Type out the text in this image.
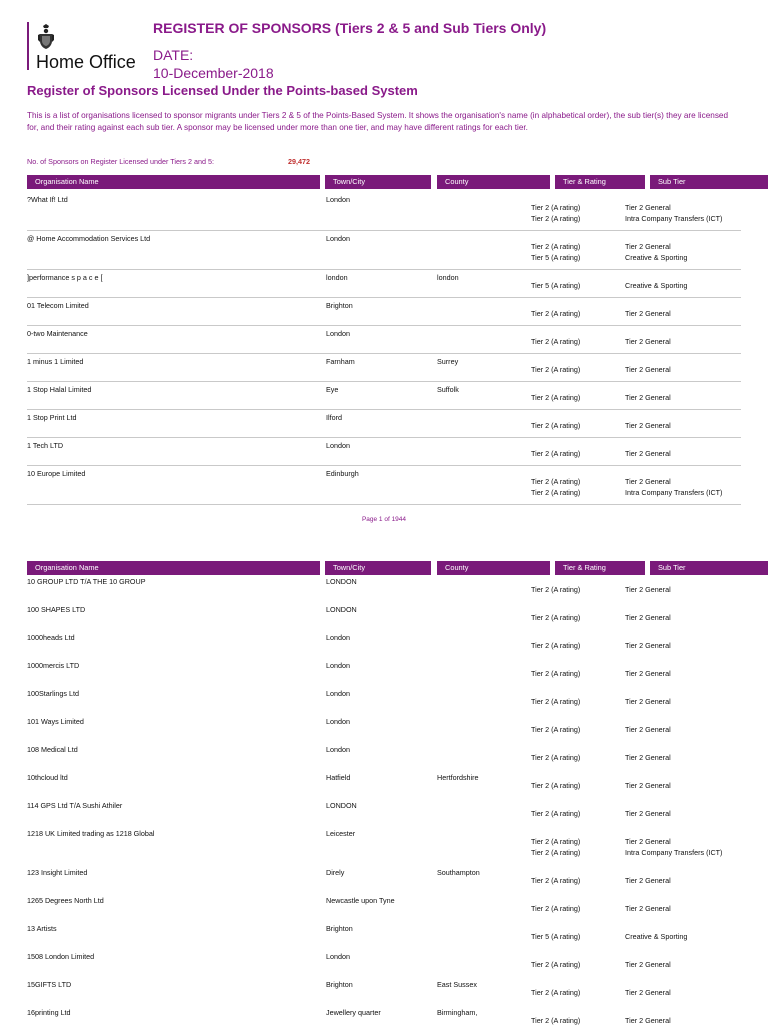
Home Office
REGISTER OF SPONSORS (Tiers 2 & 5 and Sub Tiers Only)
DATE:
10-December-2018
Register of Sponsors Licensed Under the Points-based System
This is a list of organisations licensed to sponsor migrants under Tiers 2 & 5 of the Points-Based System. It shows the organisation's name (in alphabetical order), the sub tier(s) they are licensed for, and their rating against each sub tier. A sponsor may be licensed under more than one tier, and may have different ratings for each tier.
No. of Sponsors on Register Licensed under Tiers 2 and 5:	29,472
Organisation Name	Town/City	County	Tier & Rating	Sub Tier
?What If! Ltd	London
Tier 2 (A rating)	Tier 2 General
Tier 2 (A rating)	Intra Company Transfers (ICT)
@ Home Accommodation Services Ltd	London
Tier 2 (A rating)	Tier 2 General
Tier 5 (A rating)	Creative & Sporting
]performance s p a c e [	london	london
Tier 5 (A rating)	Creative & Sporting
01 Telecom Limited	Brighton
Tier 2 (A rating)	Tier 2 General
0-two Maintenance	London
Tier 2 (A rating)	Tier 2 General
1 minus 1 Limited	Farnham	Surrey
Tier 2 (A rating)	Tier 2 General
1 Stop Halal Limited	Eye	Suffolk
Tier 2 (A rating)	Tier 2 General
1 Stop Print Ltd	Ilford
Tier 2 (A rating)	Tier 2 General
1 Tech LTD	London
Tier 2 (A rating)	Tier 2 General
10 Europe Limited	Edinburgh
Tier 2 (A rating)	Tier 2 General
Tier 2 (A rating)	Intra Company Transfers (ICT)
Page 1 of 1944
Organisation Name	Town/City	County	Tier & Rating	Sub Tier
10 GROUP LTD T/A THE 10 GROUP	LONDON
Tier 2 (A rating)	Tier 2 General
100 SHAPES LTD	LONDON
Tier 2 (A rating)	Tier 2 General
1000heads Ltd	London
Tier 2 (A rating)	Tier 2 General
1000mercis LTD	London
Tier 2 (A rating)	Tier 2 General
100Starlings Ltd	London
Tier 2 (A rating)	Tier 2 General
101 Ways Limited	London
Tier 2 (A rating)	Tier 2 General
108 Medical Ltd	London
Tier 2 (A rating)	Tier 2 General
10thcloud ltd	Hatfield	Hertfordshire
Tier 2 (A rating)	Tier 2 General
114 GPS Ltd T/A Sushi Athiler	LONDON
Tier 2 (A rating)	Tier 2 General
1218 UK Limited trading as 1218 Global	Leicester
Tier 2 (A rating)	Tier 2 General
Tier 2 (A rating)	Intra Company Transfers (ICT)
123 Insight Limited	Direly	Southampton
Tier 2 (A rating)	Tier 2 General
1265 Degrees North Ltd	Newcastle upon Tyne
Tier 2 (A rating)	Tier 2 General
13 Artists	Brighton
Tier 5 (A rating)	Creative & Sporting
1508 London Limited	London
Tier 2 (A rating)	Tier 2 General
15GIFTS LTD	Brighton	East Sussex
Tier 2 (A rating)	Tier 2 General
16printing Ltd	Jewellery quarter	Birmingham,
Tier 2 (A rating)	Tier 2 General
